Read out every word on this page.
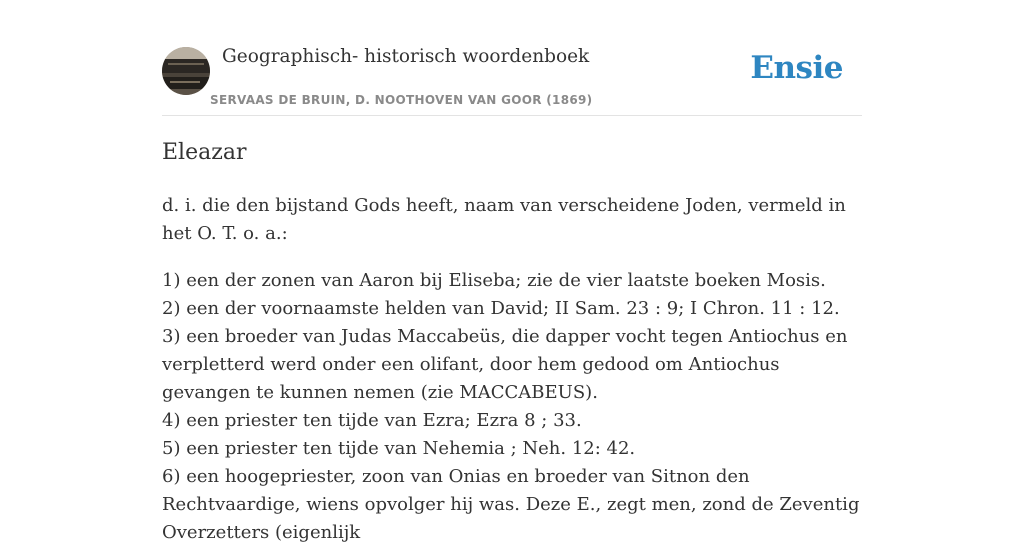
Geographisch- historisch woordenboek
SERVAAS DE BRUIN, D. NOOTHOVEN VAN GOOR (1869)
Ensie
Eleazar

d. i. die den bijstand Gods heeft, naam van verscheidene Joden, vermeld in het O. T. o. a.:

1) een der zonen van Aaron bij Eliseba; zie de vier laatste boeken Mosis.
2) een der voornaamste helden van David; II Sam. 23 : 9; I Chron. 11 : 12.
3) een broeder van Judas Maccabeüs, die dapper vocht tegen Antiochus en verpletterd werd onder een olifant, door hem gedood om Antiochus gevangen te kunnen nemen (zie MACCABEUS).
4) een priester ten tijde van Ezra; Ezra 8 ; 33.
5) een priester ten tijde van Nehemia ; Neh. 12: 42.
6) een hoogepriester, zoon van Onias en broeder van Sitnon den Rechtvaardige, wiens opvolger hij was. Deze E., zegt men, zond de Zeventig Overzetters (eigenlijk
